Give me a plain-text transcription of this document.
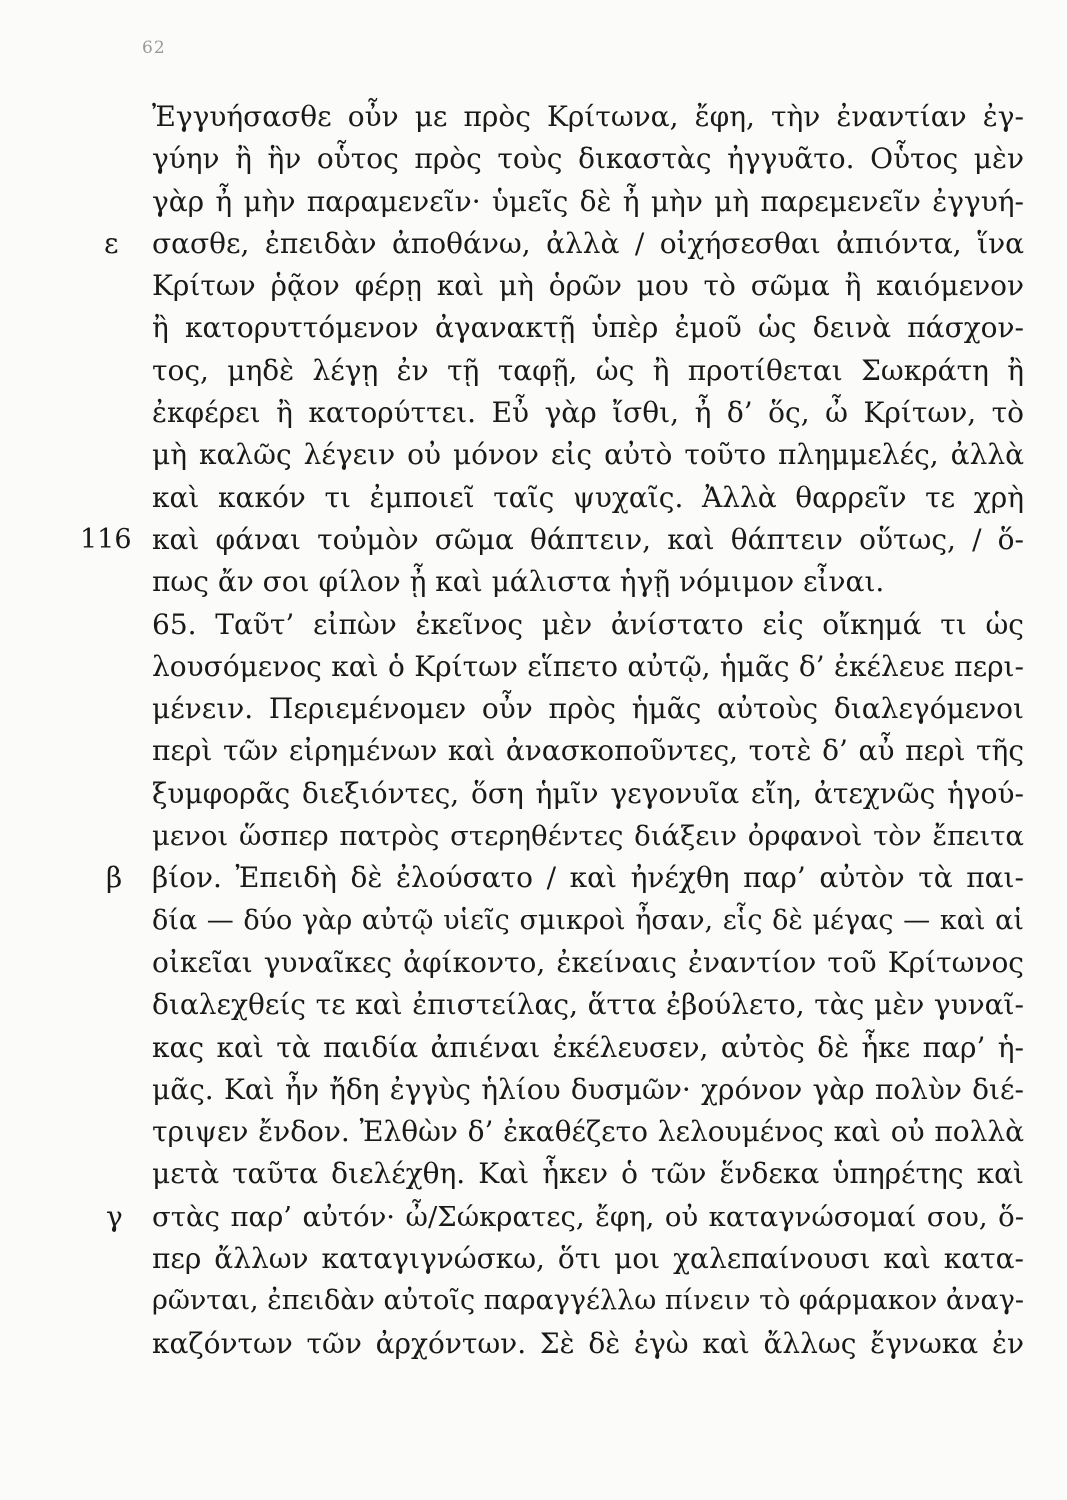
62
ε
116
β
γ
Ἐγγυήσασθε οὖν με πρὸς Κρίτωνα, ἔφη, τὴν ἐναντίαν ἐγ-
γύην ἢ ἣν οὗτος πρὸς τοὺς δικαστὰς ἠγγυᾶτο. Οὗτος μὲν
γὰρ ἦ μὴν παραμενεῖν· ὑμεῖς δὲ ἦ μὴν μὴ παρεμενεῖν ἐγγυή-
σασθε, ἐπειδὰν ἀποθάνω, ἀλλὰ / οἰχήσεσθαι ἀπιόντα, ἵνα
Κρίτων ῥᾷον φέρῃ καὶ μὴ ὁρῶν μου τὸ σῶμα ἢ καιόμενον
ἢ κατορυττόμενον ἀγανακτῇ ὑπὲρ ἐμοῦ ὡς δεινὰ πάσχον-
τος, μηδὲ λέγῃ ἐν τῇ ταφῇ, ὡς ἢ προτίθεται Σωκράτη ἢ
ἐκφέρει ἢ κατορύττει. Εὖ γὰρ ἴσθι, ἦ δ’ ὅς, ὦ Κρίτων, τὸ
μὴ καλῶς λέγειν οὐ μόνον εἰς αὐτὸ τοῦτο πλημμελές, ἀλλὰ
καὶ κακόν τι ἐμποιεῖ ταῖς ψυχαῖς. Ἀλλὰ θαρρεῖν τε χρὴ
καὶ φάναι τοὐμὸν σῶμα θάπτειν, καὶ θάπτειν οὕτως, / ὅ-
πως ἄν σοι φίλον ᾖ καὶ μάλιστα ἡγῇ νόμιμον εἶναι.
65. Ταῦτ’ εἰπὼν ἐκεῖνος μὲν ἀνίστατο εἰς οἴκημά τι ὡς
λουσόμενος καὶ ὁ Κρίτων εἵπετο αὐτῷ, ἡμᾶς δ’ ἐκέλευε περι-
μένειν. Περιεμένομεν οὖν πρὸς ἡμᾶς αὐτοὺς διαλεγόμενοι
περὶ τῶν εἰρημένων καὶ ἀνασκοποῦντες, τοτὲ δ’ αὖ περὶ τῆς
ξυμφορᾶς διεξιόντες, ὅση ἡμῖν γεγονυῖα εἴη, ἀτεχνῶς ἡγού-
μενοι ὥσπερ πατρὸς στερηθέντες διάξειν ὀρφανοὶ τὸν ἔπειτα
βίον. Ἐπειδὴ δὲ ἐλούσατο / καὶ ἠνέχθη παρ’ αὐτὸν τὰ παι-
δία — δύο γὰρ αὐτῷ υἱεῖς σμικροὶ ἦσαν, εἷς δὲ μέγας — καὶ αἱ
οἰκεῖαι γυναῖκες ἀφίκοντο, ἐκείναις ἐναντίον τοῦ Κρίτωνος
διαλεχθείς τε καὶ ἐπιστείλας, ἅττα ἐβούλετο, τὰς μὲν γυναῖ-
κας καὶ τὰ παιδία ἀπιέναι ἐκέλευσεν, αὐτὸς δὲ ἧκε παρ’ ἡ-
μᾶς. Καὶ ἦν ἤδη ἐγγὺς ἡλίου δυσμῶν· χρόνον γὰρ πολὺν διέ-
τριψεν ἔνδον. Ἐλθὼν δ’ ἐκαθέζετο λελουμένος καὶ οὐ πολλὰ
μετὰ ταῦτα διελέχθη. Καὶ ἧκεν ὁ τῶν ἕνδεκα ὑπηρέτης καὶ
στὰς παρ’ αὐτόν· ὦ/Σώκρατες, ἔφη, οὐ καταγνώσομαί σου, ὅ-
περ ἄλλων καταγιγνώσκω, ὅτι μοι χαλεπαίνουσι καὶ κατα-
ρῶνται, ἐπειδὰν αὐτοῖς παραγγέλλω πίνειν τὸ φάρμακον ἀναγ-
καζόντων τῶν ἀρχόντων. Σὲ δὲ ἐγὼ καὶ ἄλλως ἔγνωκα ἐν
